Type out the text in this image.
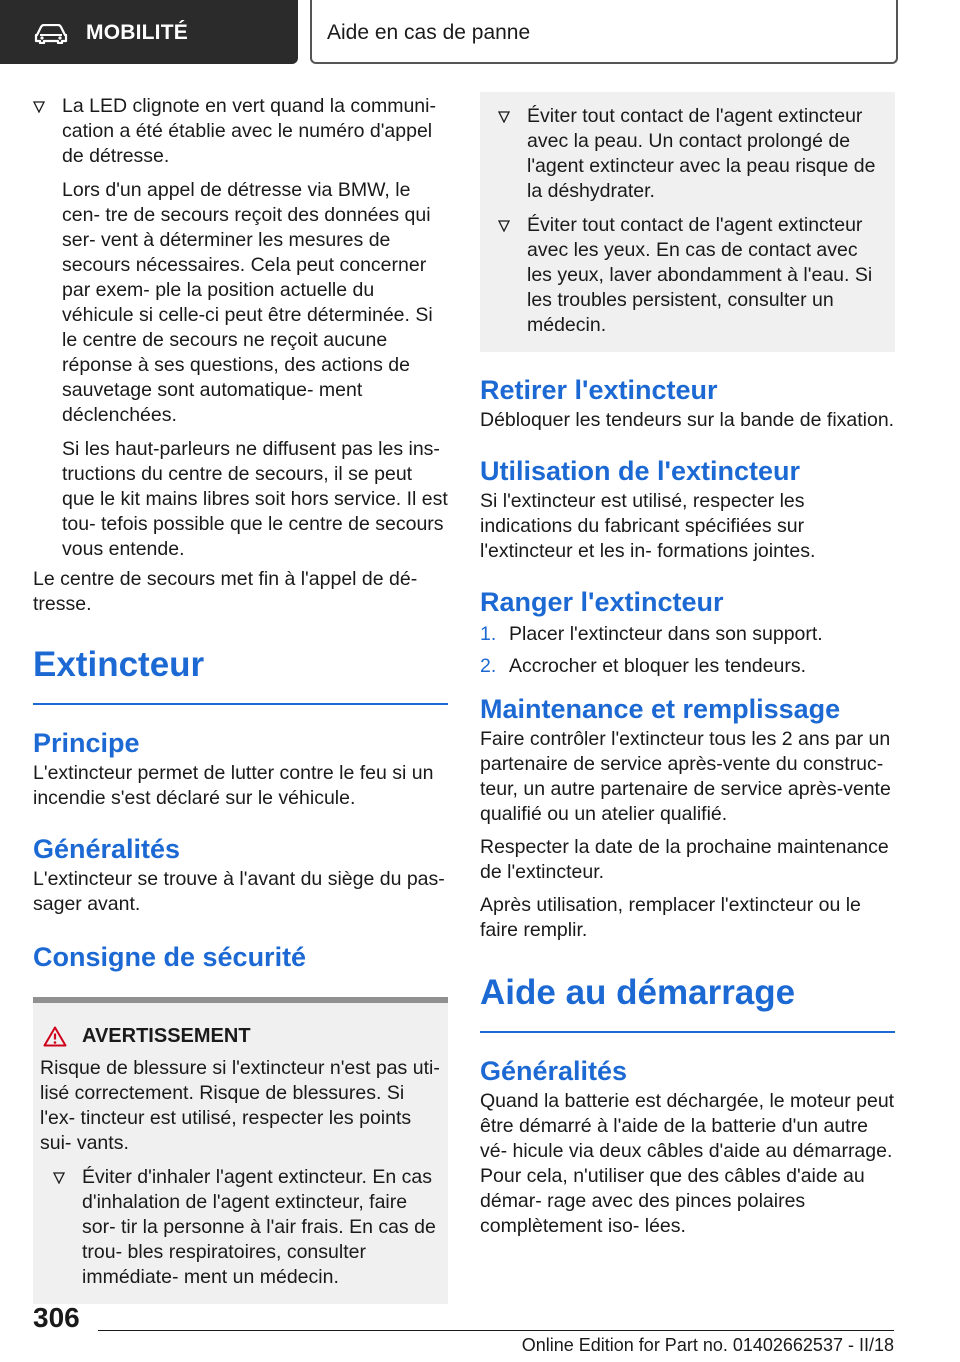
MOBILITÉ	Aide en cas de panne

La LED clignote en vert quand la communi‐ cation a été établie avec le numéro d'appel de détresse.

Lors d'un appel de détresse via BMW, le cen‐ tre de secours reçoit des données qui ser‐ vent à déterminer les mesures de secours nécessaires. Cela peut concerner par exem‐ ple la position actuelle du véhicule si celle-ci peut être déterminée. Si le centre de secours ne reçoit aucune réponse à ses questions, des actions de sauvetage sont automatique‐ ment déclenchées.

Si les haut-parleurs ne diffusent pas les ins‐ tructions du centre de secours, il se peut que le kit mains libres soit hors service. Il est tou‐ tefois possible que le centre de secours vous entende.

Le centre de secours met fin à l'appel de dé‐ tresse.

Extincteur
Principe

L'extincteur permet de lutter contre le feu si un incendie s'est déclaré sur le véhicule.

Généralités

L'extincteur se trouve à l'avant du siège du pas‐ sager avant.

Consigne de sécurité
AVERTISSEMENT

Risque de blessure si l'extincteur n'est pas uti‐ lisé correctement. Risque de blessures. Si l'ex‐ tincteur est utilisé, respecter les points sui‐ vants.

Éviter d'inhaler l'agent extincteur. En cas d'inhalation de l'agent extincteur, faire sor‐ tir la personne à l'air frais. En cas de trou‐ bles respiratoires, consulter immédiate‐ ment un médecin.

Éviter tout contact de l'agent extincteur avec la peau. Un contact prolongé de l'agent extincteur avec la peau risque de la déshydrater.

Éviter tout contact de l'agent extincteur avec les yeux. En cas de contact avec les yeux, laver abondamment à l'eau. Si les troubles persistent, consulter un médecin.

Retirer l'extincteur

Débloquer les tendeurs sur la bande de fixation.

Utilisation de l'extincteur

Si l'extincteur est utilisé, respecter les indications du fabricant spécifiées sur l'extincteur et les in‐ formations jointes.

Ranger l'extincteur
1. Placer l'extincteur dans son support.

2. Accrocher et bloquer les tendeurs.

Maintenance et remplissage

Faire contrôler l'extincteur tous les 2 ans par un partenaire de service après-vente du construc‐ teur, un autre partenaire de service après-vente qualifié ou un atelier qualifié.

Respecter la date de la prochaine maintenance de l'extincteur.

Après utilisation, remplacer l'extincteur ou le faire remplir.

Aide au démarrage
Généralités

Quand la batterie est déchargée, le moteur peut être démarré à l'aide de la batterie d'un autre vé‐ hicule via deux câbles d'aide au démarrage. Pour cela, n'utiliser que des câbles d'aide au démar‐ rage avec des pinces polaires complètement iso‐ lées.

306
Online Edition for Part no. 01402662537 - II/18
